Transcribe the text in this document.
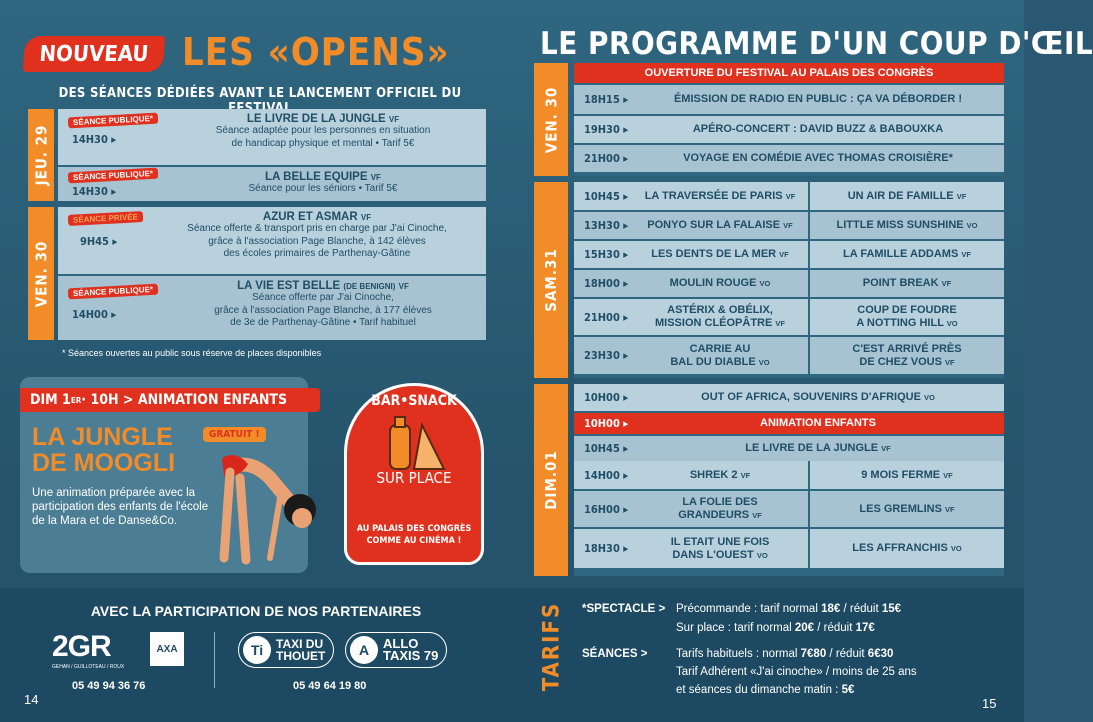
NOUVEAU LES «OPENS»
DES SÉANCES DÉDIÉES AVANT LE LANCEMENT OFFICIEL DU
JEU. 29
SÉANCE PUBLIQUE*
14H30 ▸
LE LIVRE DE LA JUNGLE VF
Séance adaptée pour les personnes en situation
de handicap physique et mental • Tarif 5€
SÉANCE PUBLIQUE*
14H30 ▸
LA BELLE EQUIPE VF
Séance pour les séniors • Tarif 5€
VEN. 30
SÉANCE PRIVÉE
9H45 ▸
AZUR ET ASMAR VF
Séance offerte & transport pris en charge par J'ai Cinoche,
grâce à l'association Page Blanche, à 142 élèves
des écoles primaires de Parthenay-Gâtine
SÉANCE PUBLIQUE*
14H00 ▸
LA VIE EST BELLE (DE BENIGNI) VF
Séance offerte par J'ai Cinoche,
grâce à l'association Page Blanche, à 177 élèves
de 3e de Parthenay-Gâtine • Tarif habituel
* Séances ouvertes au public sous réserve de places disponibles
DIM 1 ER · 10H > ANIMATION ENFANTS
LA JUNGLE
DE MOOGLI
GRATUIT !
Une animation préparée avec la participation des enfants de l'école de la Mara et de Danse&Co.
BAR•SNACK
SUR PLACE
AU PALAIS DES CONGRÈS
COMME AU CINÉMA !
AVEC LA PARTICIPATION DE NOS PARTENAIRES
2GR
GEHAN / GUILLOTEAU / ROUX
AXA
05 49 94 36 76
Ti	TAXI DU
THOUET	A	ALLO
TAXIS 79
05 49 64 19 80
14
LE PROGRAMME D'UN COUP D'ŒIL
VEN. 30
OUVERTURE DU FESTIVAL AU PALAIS DES CONGRÈS
18H15 ▸	ÉMISSION DE RADIO EN PUBLIC : ÇA VA DÉBORDER !
19H30 ▸	APÉRO-CONCERT : DAVID BUZZ & BABOUXKA
21H00 ▸	VOYAGE EN COMÉDIE AVEC THOMAS CROISIÈRE*
SAM.31
10H45 ▸	LA TRAVERSÉE DE PARIS VF	UN AIR DE FAMILLE VF
13H30 ▸	PONYO SUR LA FALAISE VF	LITTLE MISS SUNSHINE VO
15H30 ▸	LES DENTS DE LA MER VF	LA FAMILLE ADDAMS VF
18H00 ▸	MOULIN ROUGE VO	POINT BREAK VF
21H00 ▸
ASTÉRIX & OBÉLIX,
MISSION CLÉOPÂTRE VF
COUP DE FOUDRE
A NOTTING HILL VO
23H30 ▸
CARRIE AU
BAL DU DIABLE VO
C'EST ARRIVÉ PRÈS
DE CHEZ VOUS VF
DIM.01
10H00 ▸	OUT OF AFRICA, SOUVENIRS D'AFRIQUE VO
10H00 ▸	ANIMATION ENFANTS
10H45 ▸	LE LIVRE DE LA JUNGLE VF
14H00 ▸	SHREK 2 VF	9 MOIS FERME VF
16H00 ▸
LA FOLIE DES
GRANDEURS VF
LES GREMLINS VF
18H30 ▸
IL ETAIT UNE FOIS
DANS L'OUEST VO
LES AFFRANCHIS VO
TARIFS *SPECTACLE > Précommande : tarif normal 18€ / réduit 15€
Sur place : tarif normal 20€ / réduit 17€
SÉANCES > Tarifs habituels : normal 7€80 / réduit 6€30
Tarif Adhérent «J'ai cinoche» / moins de 25 ans
et séances du dimanche matin : 5€
15
